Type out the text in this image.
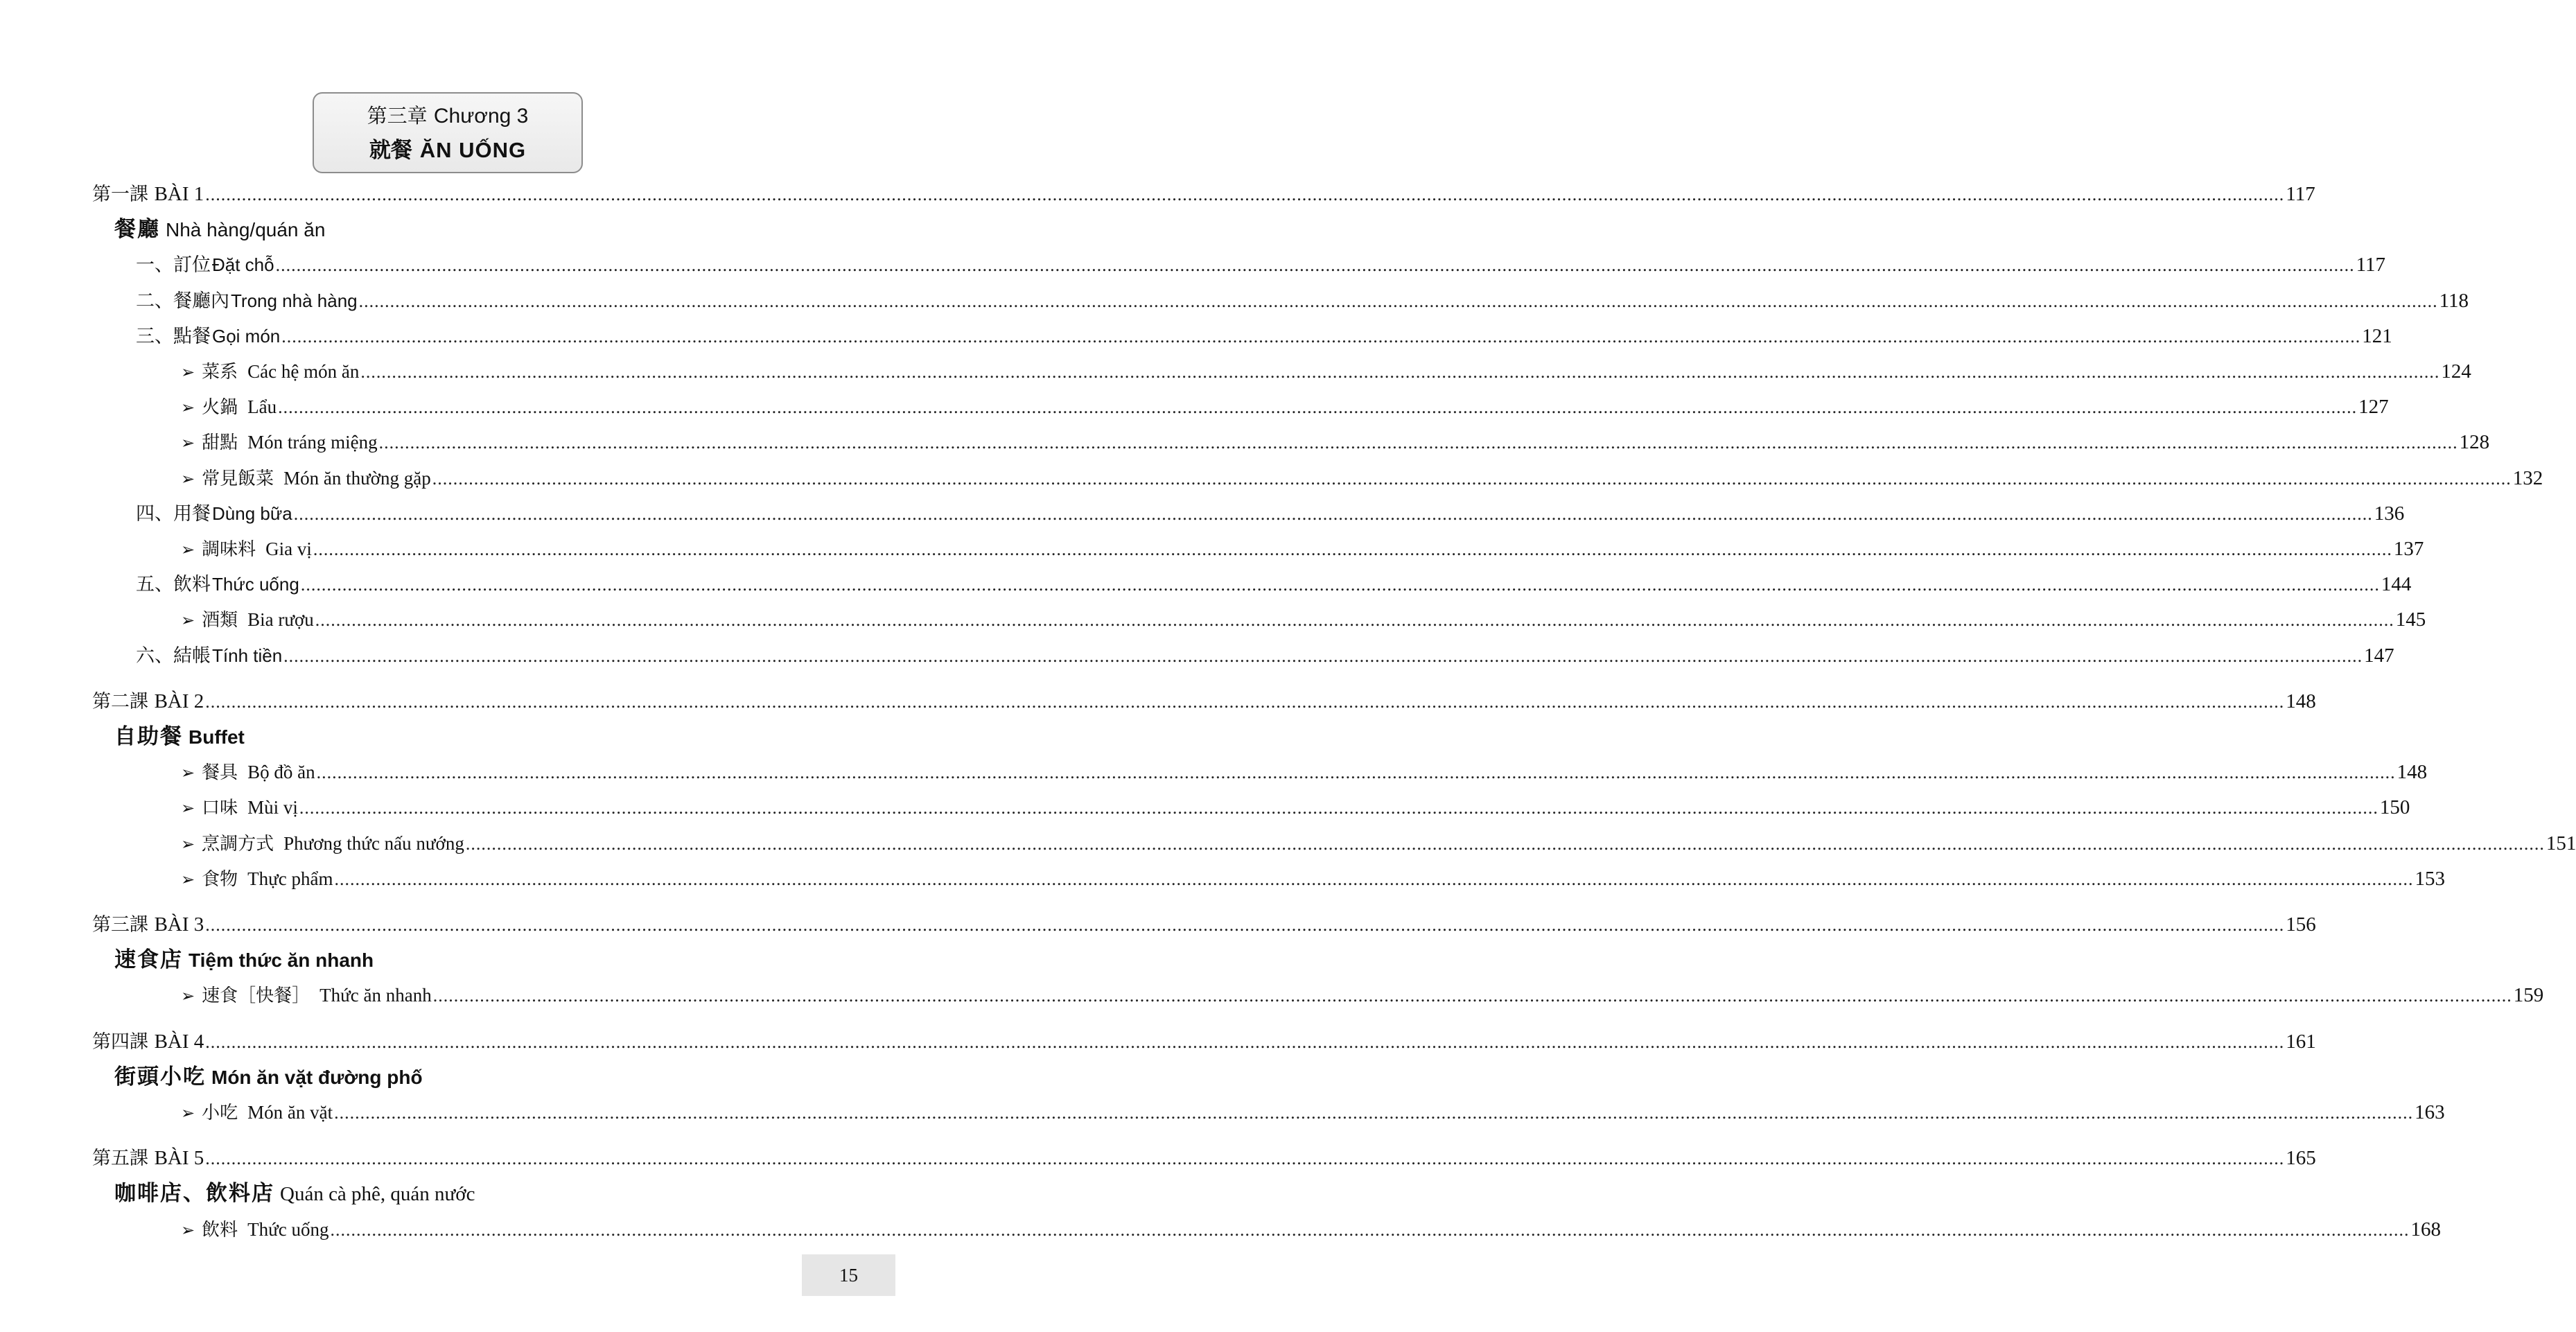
第三章 Chương 3
就餐 ĂN UỐNG
第一課 BÀI 1 ................................................................................................................................................................................................................................................................................................................................................................................................................ 117
餐廳 Nhà hàng/quán ăn
一、訂位Đặt chỗ ................................................................................................................................................................................................................................................................................................................................................................................................................ 117
二、餐廳內Trong nhà hàng ................................................................................................................................................................................................................................................................................................................................................................................................................ 118
三、點餐Gọi món ................................................................................................................................................................................................................................................................................................................................................................................................................ 121
➢ 菜系 Các hệ món ăn ................................................................................................................................................................................................................................................................................................................................................................................................................ 124
➢ 火鍋 Lẩu ................................................................................................................................................................................................................................................................................................................................................................................................................ 127
➢ 甜點 Món tráng miệng ................................................................................................................................................................................................................................................................................................................................................................................................................ 128
➢ 常見飯菜 Món ăn thường gặp ................................................................................................................................................................................................................................................................................................................................................................................................................ 132
四、用餐Dùng bữa ................................................................................................................................................................................................................................................................................................................................................................................................................ 136
➢ 調味料 Gia vị ................................................................................................................................................................................................................................................................................................................................................................................................................ 137
五、飲料Thức uống ................................................................................................................................................................................................................................................................................................................................................................................................................ 144
➢ 酒類 Bia rượu ................................................................................................................................................................................................................................................................................................................................................................................................................ 145
六、結帳Tính tiền ................................................................................................................................................................................................................................................................................................................................................................................................................ 147
第二課 BÀI 2 ................................................................................................................................................................................................................................................................................................................................................................................................................ 148
自助餐 Buffet
➢ 餐具 Bộ đồ ăn ................................................................................................................................................................................................................................................................................................................................................................................................................ 148
➢ 口味 Mùi vị ................................................................................................................................................................................................................................................................................................................................................................................................................ 150
➢ 烹調方式 Phương thức nấu nướng ................................................................................................................................................................................................................................................................................................................................................................................................................ 151
➢ 食物 Thực phẩm ................................................................................................................................................................................................................................................................................................................................................................................................................ 153
第三課 BÀI 3 ................................................................................................................................................................................................................................................................................................................................................................................................................ 156
速食店 Tiệm thức ăn nhanh
➢ 速食［快餐］ Thức ăn nhanh ................................................................................................................................................................................................................................................................................................................................................................................................................ 159
第四課 BÀI 4 ................................................................................................................................................................................................................................................................................................................................................................................................................ 161
街頭小吃 Món ăn vặt đường phố
➢ 小吃 Món ăn vặt ................................................................................................................................................................................................................................................................................................................................................................................................................ 163
第五課 BÀI 5 ................................................................................................................................................................................................................................................................................................................................................................................................................ 165
咖啡店、飲料店 Quán cà phê, quán nước
➢ 飲料 Thức uống ................................................................................................................................................................................................................................................................................................................................................................................................................ 168
15
